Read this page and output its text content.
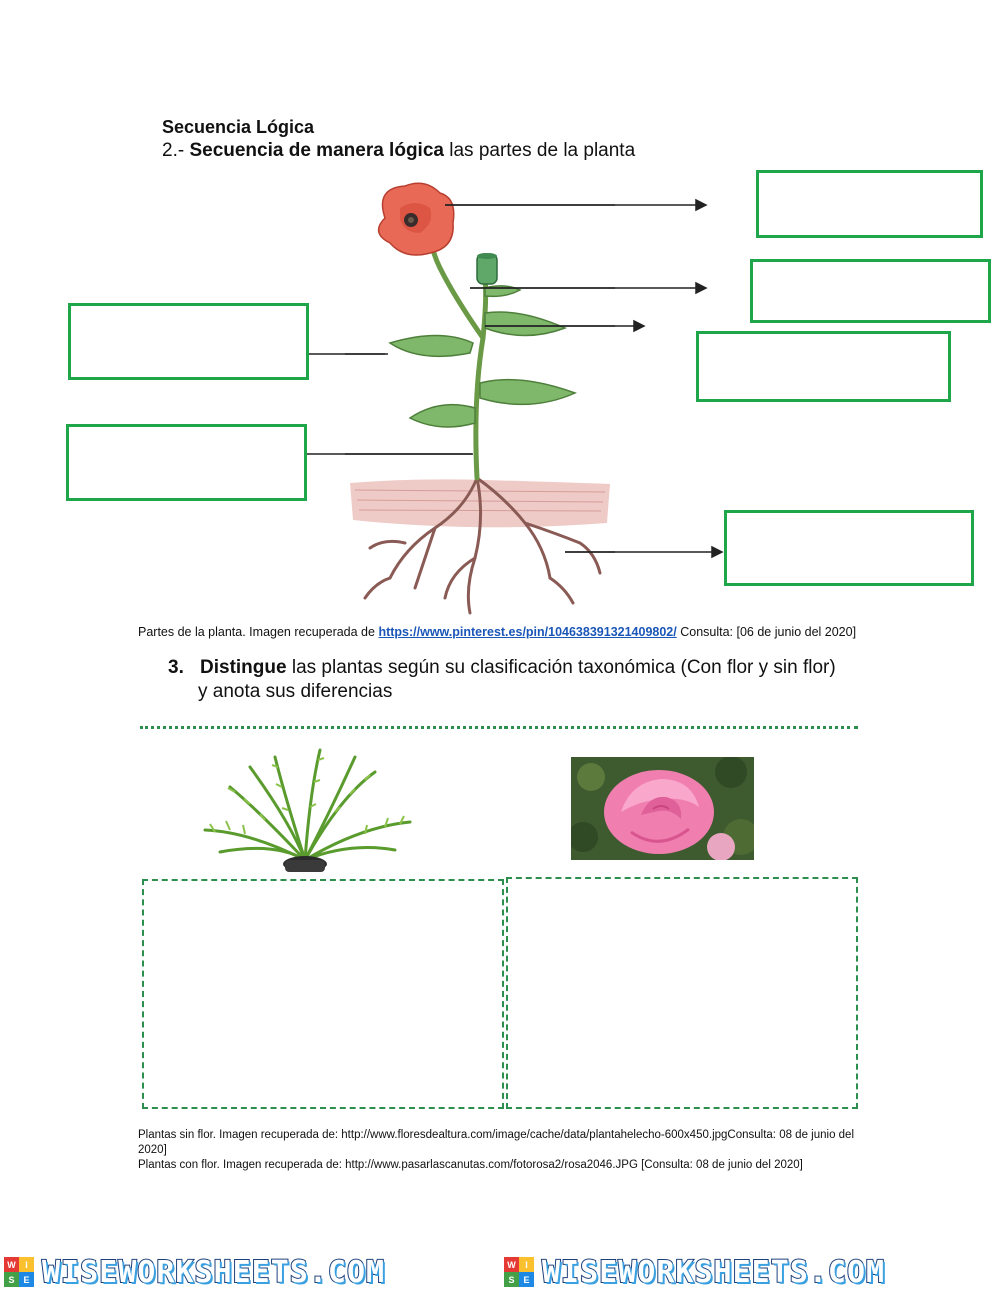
Secuencia Lógica
2.- Secuencia de manera lógica las partes de la planta
Partes de la planta. Imagen recuperada de https://www.pinterest.es/pin/104638391321409802/ Consulta: [06 de junio del 2020]
3. Distingue las plantas según su clasificación taxonómica (Con flor y sin flor)
y anota sus diferencias
Plantas sin flor. Imagen recuperada de: http://www.floresdealtura.com/image/cache/data/plantahelecho-600x450.jpgConsulta: 08 de junio del 2020]
Plantas con flor. Imagen recuperada de: http://www.pasarlascanutas.com/fotorosa2/rosa2046.JPG [Consulta: 08 de junio del 2020]
W	I
S E WISEWORKSHEETS.COM	W	I
S E WISEWORKSHEETS.COM
